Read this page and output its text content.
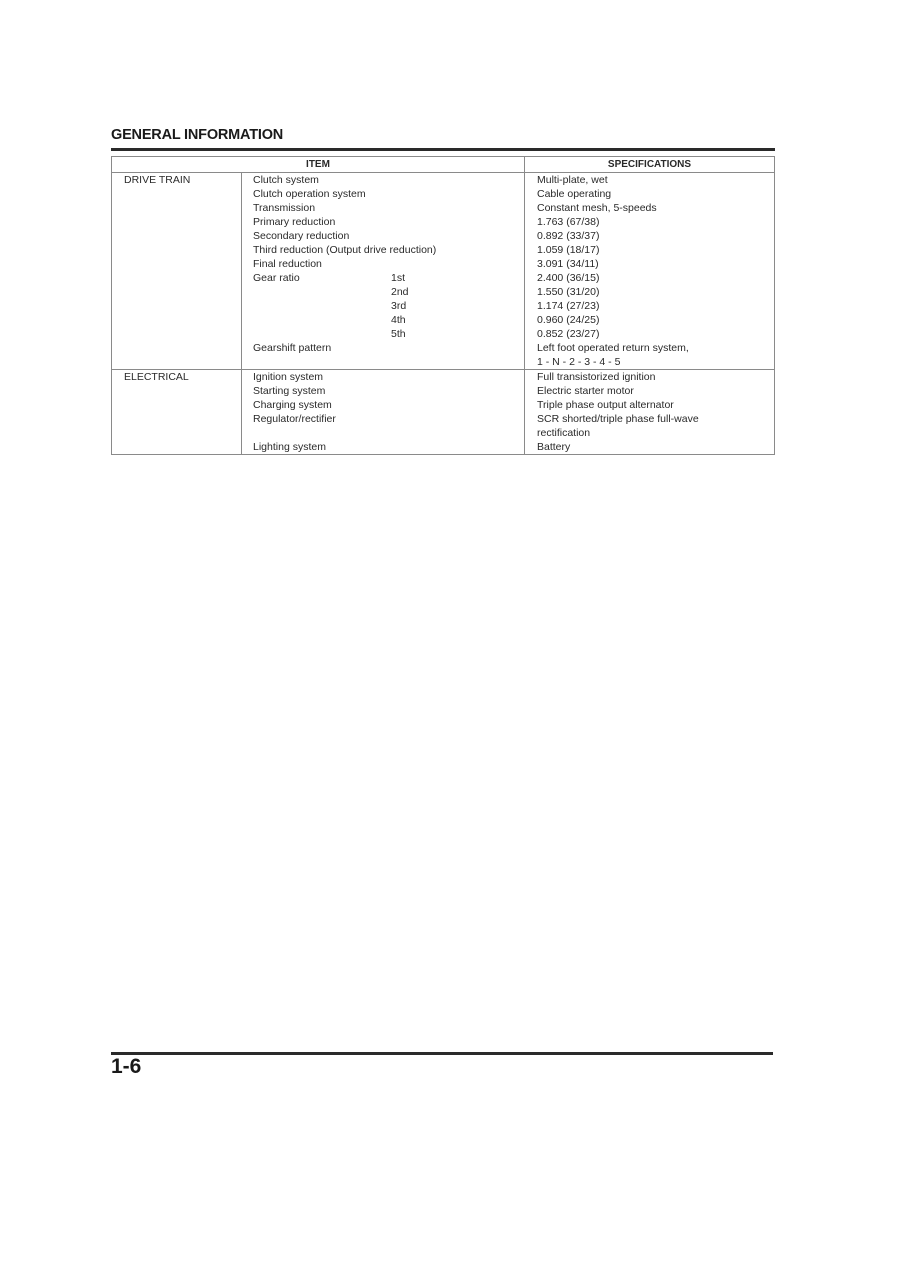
GENERAL INFORMATION
ITEM		SPECIFICATIONS
DRIVE TRAIN	Clutch system	Multi-plate, wet
	Clutch operation system	Cable operating
	Transmission	Constant mesh, 5-speeds
	Primary reduction	1.763 (67/38)
	Secondary reduction	0.892 (33/37)
	Third reduction (Output drive reduction)	1.059 (18/17)
	Final reduction	3.091 (34/11)
	Gear ratio 1st	2.400 (36/15)
	2nd	1.550 (31/20)
	3rd	1.174 (27/23)
	4th	0.960 (24/25)
	5th	0.852 (23/27)
	Gearshift pattern	Left foot operated return system,
1 - N - 2 - 3 - 4 - 5

ELECTRICAL	Ignition system	Full transistorized ignition
	Starting system	Electric starter motor
	Charging system	Triple phase output alternator
	Regulator/rectifier	SCR shorted/triple phase full-wave
rectification

	Lighting system	Battery
1-6
